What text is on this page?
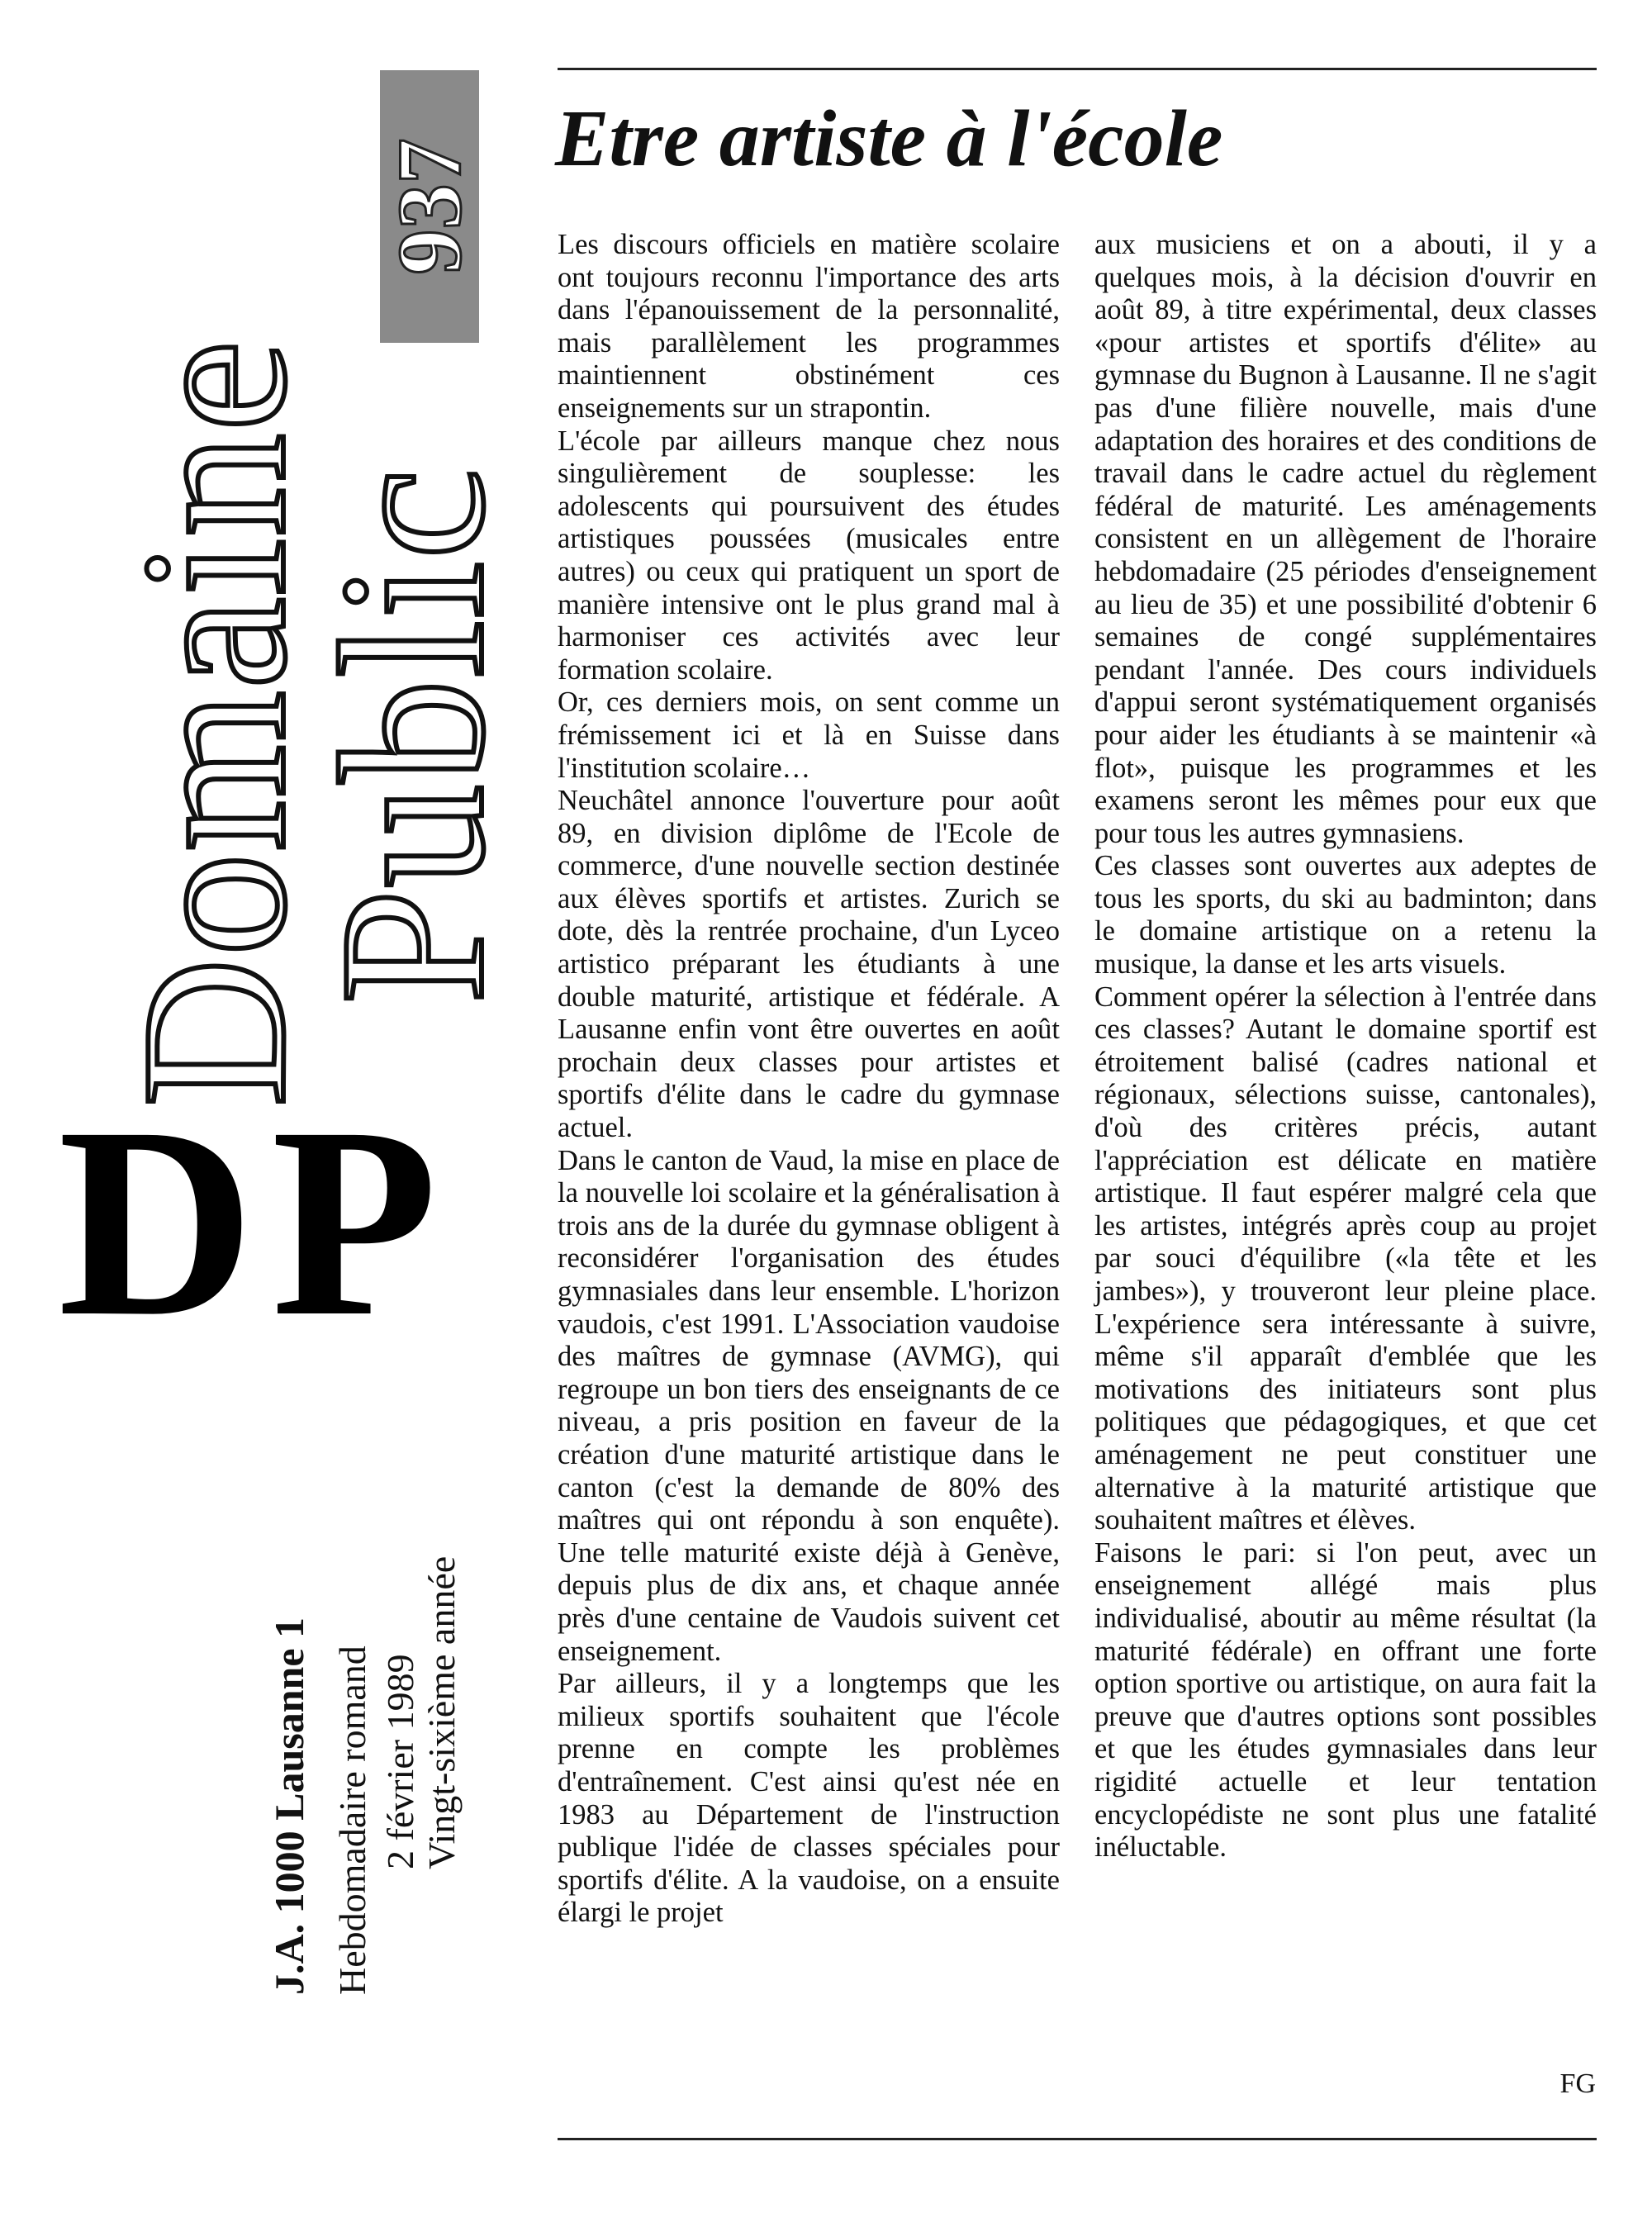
Domaine
Public
937
DP
J.A. 1000 Lausanne 1 Hebdomadaire romand 2 février 1989 Vingt-sixième année
Etre artiste à l'école

Les discours officiels en matière scolaire ont toujours reconnu l'importance des arts dans l'épanouissement de la personnalité, mais parallèlement les programmes maintiennent obstinément ces enseignements sur un strapontin.

L'école par ailleurs manque chez nous singulièrement de souplesse: les adolescents qui poursuivent des études artistiques poussées (musicales entre autres) ou ceux qui pratiquent un sport de manière intensive ont le plus grand mal à harmoniser ces activités avec leur formation scolaire.

Or, ces derniers mois, on sent comme un frémissement ici et là en Suisse dans l'institution scolaire…

Neuchâtel annonce l'ouverture pour août 89, en division diplôme de l'Ecole de commerce, d'une nouvelle section destinée aux élèves sportifs et artistes. Zurich se dote, dès la rentrée prochaine, d'un Lyceo artistico préparant les étudiants à une double maturité, artistique et fédérale. A Lausanne enfin vont être ouvertes en août prochain deux classes pour artistes et sportifs d'élite dans le cadre du gymnase actuel.

Dans le canton de Vaud, la mise en place de la nouvelle loi scolaire et la généralisation à trois ans de la durée du gymnase obligent à reconsidérer l'organisation des études gymnasiales dans leur ensemble. L'horizon vaudois, c'est 1991. L'Association vaudoise des maîtres de gymnase (AVMG), qui regroupe un bon tiers des enseignants de ce niveau, a pris position en faveur de la création d'une maturité artistique dans le canton (c'est la demande de 80% des maîtres qui ont répondu à son enquête). Une telle maturité existe déjà à Genève, depuis plus de dix ans, et chaque année près d'une centaine de Vaudois suivent cet enseignement.

Par ailleurs, il y a longtemps que les milieux sportifs souhaitent que l'école prenne en compte les problèmes d'entraînement. C'est ainsi qu'est née en 1983 au Département de l'instruction publique l'idée de classes spéciales pour sportifs d'élite. A la vaudoise, on a ensuite élargi le projet

aux musiciens et on a abouti, il y a quelques mois, à la décision d'ouvrir en août 89, à titre expérimental, deux classes «pour artistes et sportifs d'élite» au gymnase du Bugnon à Lausanne. Il ne s'agit pas d'une filière nouvelle, mais d'une adaptation des horaires et des conditions de travail dans le cadre actuel du règlement fédéral de maturité. Les aménagements consistent en un allègement de l'horaire hebdomadaire (25 périodes d'enseignement au lieu de 35) et une possibilité d'obtenir 6 semaines de congé supplémentaires pendant l'année. Des cours individuels d'appui seront systématiquement organisés pour aider les étudiants à se maintenir «à flot», puisque les programmes et les examens seront les mêmes pour eux que pour tous les autres gymnasiens.

Ces classes sont ouvertes aux adeptes de tous les sports, du ski au badminton; dans le domaine artistique on a retenu la musique, la danse et les arts visuels.

Comment opérer la sélection à l'entrée dans ces classes? Autant le domaine sportif est étroitement balisé (cadres national et régionaux, sélections suisse, cantonales), d'où des critères précis, autant l'appréciation est délicate en matière artistique. Il faut espérer malgré cela que les artistes, intégrés après coup au projet par souci d'équilibre («la tête et les jambes»), y trouveront leur pleine place. L'expérience sera intéressante à suivre, même s'il apparaît d'emblée que les motivations des initiateurs sont plus politiques que pédagogiques, et que cet aménagement ne peut constituer une alternative à la maturité artistique que souhaitent maîtres et élèves.

Faisons le pari: si l'on peut, avec un enseignement allégé mais plus individualisé, aboutir au même résultat (la maturité fédérale) en offrant une forte option sportive ou artistique, on aura fait la preuve que d'autres options sont possibles et que les études gymnasiales dans leur rigidité actuelle et leur tentation encyclopédiste ne sont plus une fatalité inéluctable.

FG
